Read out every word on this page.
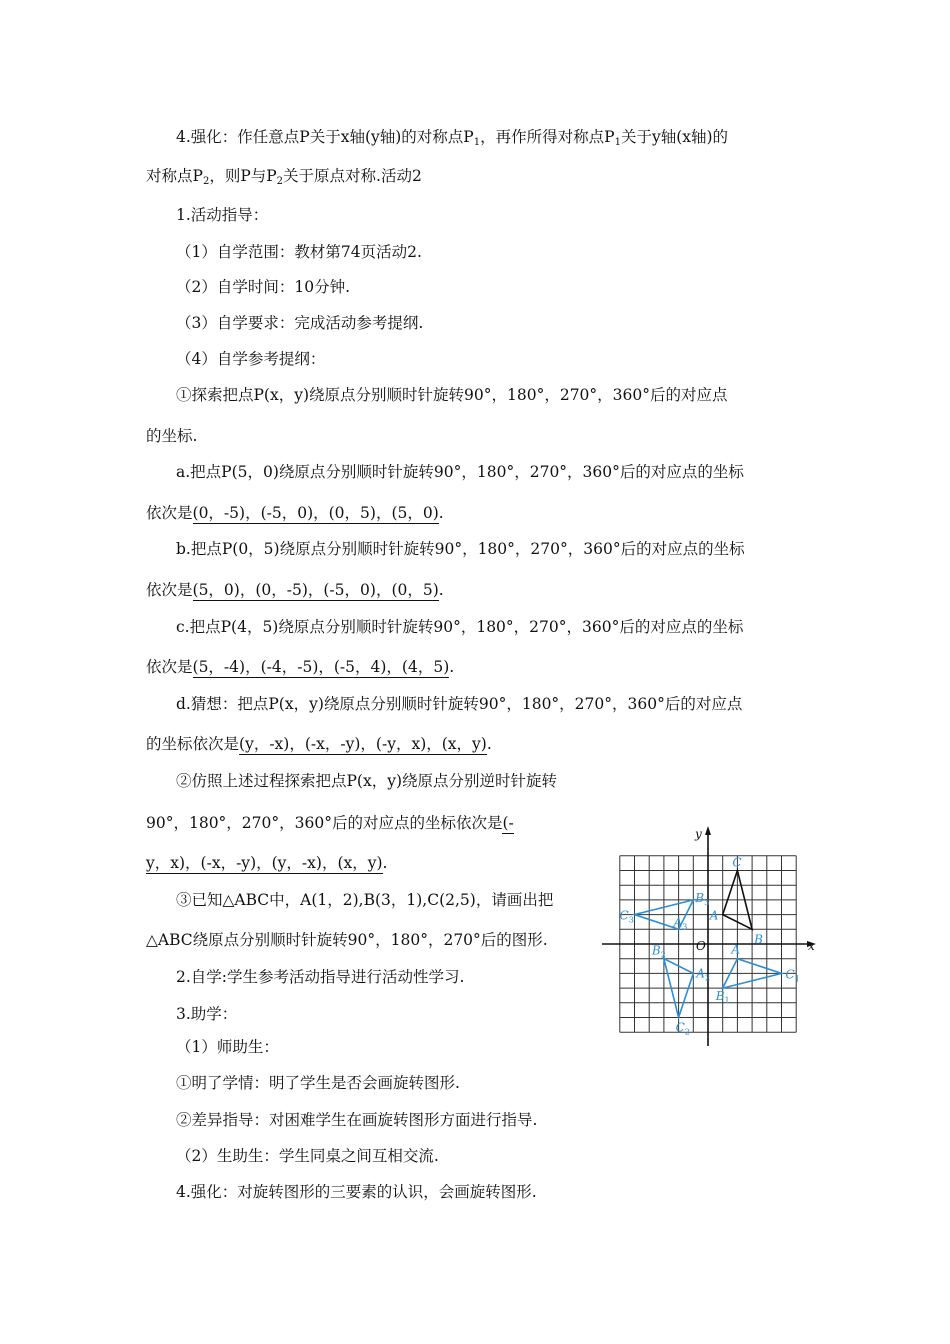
4.强化：作任意点P关于x轴(y轴)的对称点$P_1$，再作所得对称点$P_1$关于y轴(x轴)的
对称点$P_2$，则P与$P_2$关于原点对称.活动2
1.活动指导：
（1）自学范围：教材第74页活动2.
（2）自学时间：10分钟.
（3）自学要求：完成活动参考提纲.
（4）自学参考提纲：
①探索把点P(x，y)绕原点分别顺时针旋转90°，180°，270°，360°后的对应点
的坐标.
a.把点P(5，0)绕原点分别顺时针旋转90°，180°，270°，360°后的对应点的坐标
依次是(0，-5)，(-5，0)，(0，5)，(5，0).
b.把点P(0，5)绕原点分别顺时针旋转90°，180°，270°，360°后的对应点的坐标
依次是(5，0)，(0，-5)，(-5，0)，(0，5).
c.把点P(4，5)绕原点分别顺时针旋转90°，180°，270°，360°后的对应点的坐标
依次是(5，-4)，(-4，-5)，(-5，4)，(4，5).
d.猜想：把点P(x，y)绕原点分别顺时针旋转90°，180°，270°，360°后的对应点
的坐标依次是(y，-x)，(-x，-y)，(-y，x)，(x，y).
②仿照上述过程探索把点P(x，y)绕原点分别逆时针旋转
90°，180°，270°，360°后的对应点的坐标依次是(-
y，x)，(-x，-y)，(y，-x)，(x，y).
③已知△ABC中，A(1，2),B(3，1),C(2,5)，请画出把
△ABC绕原点分别顺时针旋转90°，180°，270°后的图形.
2.自学:学生参考活动指导进行活动性学习.
3.助学：
（1）师助生：
①明了学情：明了学生是否会画旋转图形.
②差异指导：对困难学生在画旋转图形方面进行指导.
（2）生助生：学生同桌之间互相交流.
4.强化：对旋转图形的三要素的认识，会画旋转图形.
x
y
O
C
A
B
A
$B_1$
$C_1$
$A_2$
$B_2$
$C_2$
$A_3$
$B_3$
$C_3$
